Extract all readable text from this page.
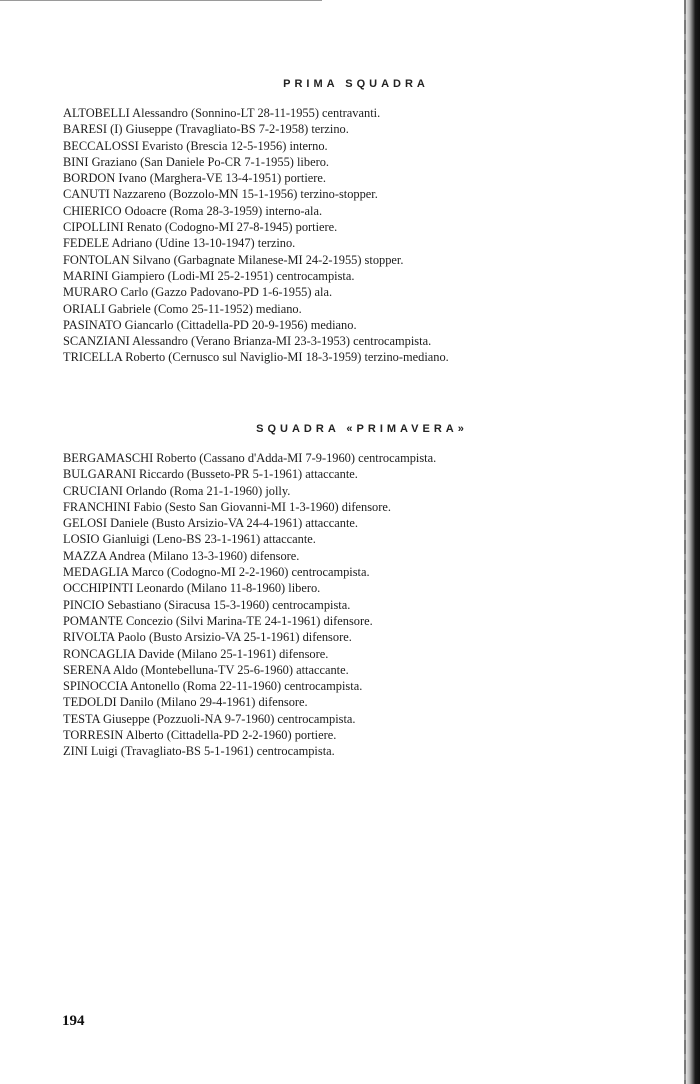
PRIMA SQUADRA
ALTOBELLI Alessandro (Sonnino-LT 28-11-1955) centravanti.
BARESI (I) Giuseppe (Travagliato-BS 7-2-1958) terzino.
BECCALOSSI Evaristo (Brescia 12-5-1956) interno.
BINI Graziano (San Daniele Po-CR 7-1-1955) libero.
BORDON Ivano (Marghera-VE 13-4-1951) portiere.
CANUTI Nazzareno (Bozzolo-MN 15-1-1956) terzino-stopper.
CHIERICO Odoacre (Roma 28-3-1959) interno-ala.
CIPOLLINI Renato (Codogno-MI 27-8-1945) portiere.
FEDELE Adriano (Udine 13-10-1947) terzino.
FONTOLAN Silvano (Garbagnate Milanese-MI 24-2-1955) stopper.
MARINI Giampiero (Lodi-MI 25-2-1951) centrocampista.
MURARO Carlo (Gazzo Padovano-PD 1-6-1955) ala.
ORIALI Gabriele (Como 25-11-1952) mediano.
PASINATO Giancarlo (Cittadella-PD 20-9-1956) mediano.
SCANZIANI Alessandro (Verano Brianza-MI 23-3-1953) centrocampista.
TRICELLA Roberto (Cernusco sul Naviglio-MI 18-3-1959) terzino-mediano.
SQUADRA «PRIMAVERA»
BERGAMASCHI Roberto (Cassano d'Adda-MI 7-9-1960) centrocampista.
BULGARANI Riccardo (Busseto-PR 5-1-1961) attaccante.
CRUCIANI Orlando (Roma 21-1-1960) jolly.
FRANCHINI Fabio (Sesto San Giovanni-MI 1-3-1960) difensore.
GELOSI Daniele (Busto Arsizio-VA 24-4-1961) attaccante.
LOSIO Gianluigi (Leno-BS 23-1-1961) attaccante.
MAZZA Andrea (Milano 13-3-1960) difensore.
MEDAGLIA Marco (Codogno-MI 2-2-1960) centrocampista.
OCCHIPINTI Leonardo (Milano 11-8-1960) libero.
PINCIO Sebastiano (Siracusa 15-3-1960) centrocampista.
POMANTE Concezio (Silvi Marina-TE 24-1-1961) difensore.
RIVOLTA Paolo (Busto Arsizio-VA 25-1-1961) difensore.
RONCAGLIA Davide (Milano 25-1-1961) difensore.
SERENA Aldo (Montebelluna-TV 25-6-1960) attaccante.
SPINOCCIA Antonello (Roma 22-11-1960) centrocampista.
TEDOLDI Danilo (Milano 29-4-1961) difensore.
TESTA Giuseppe (Pozzuoli-NA 9-7-1960) centrocampista.
TORRESIN Alberto (Cittadella-PD 2-2-1960) portiere.
ZINI Luigi (Travagliato-BS 5-1-1961) centrocampista.
194
